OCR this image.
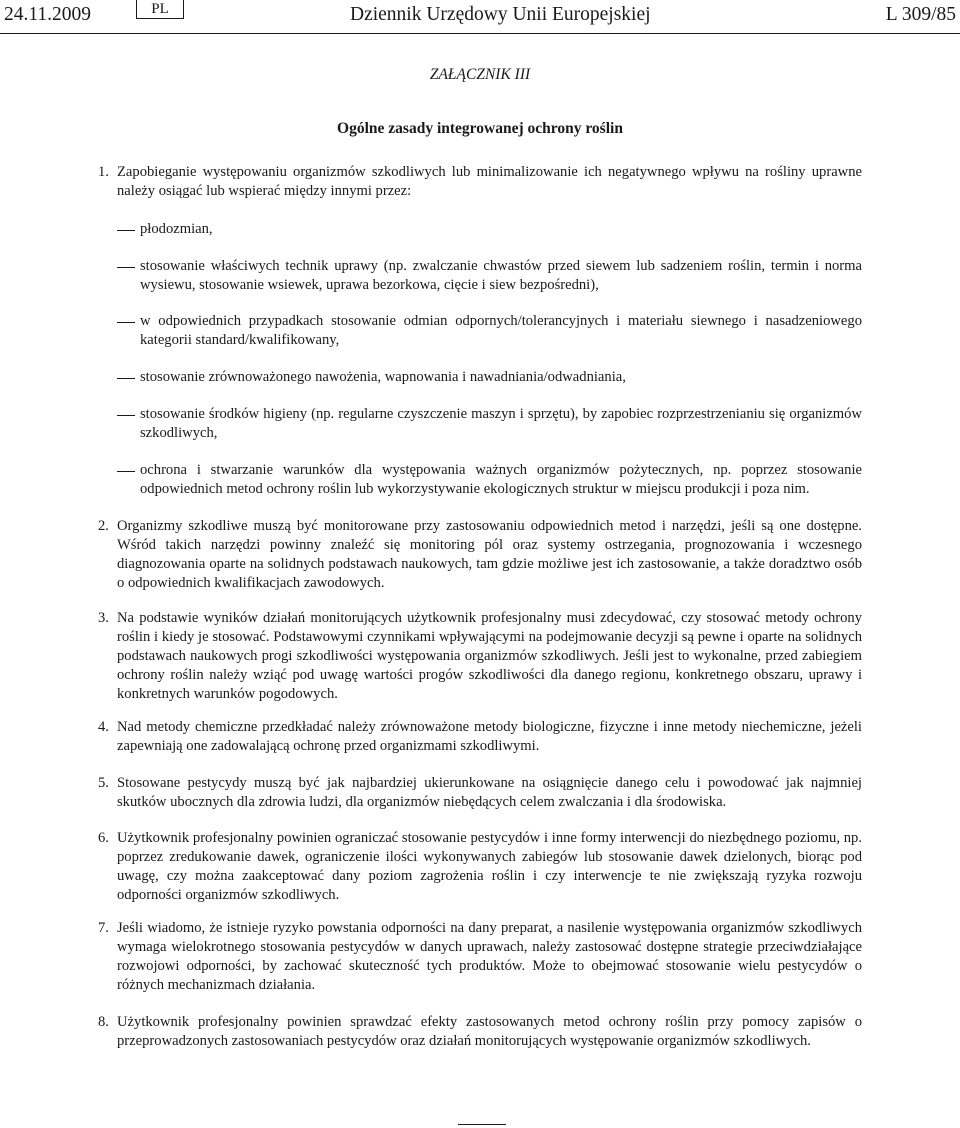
24.11.2009	PL	Dziennik Urzędowy Unii Europejskiej	L 309/85
ZAŁĄCZNIK III
Ogólne zasady integrowanej ochrony roślin
1. Zapobieganie występowaniu organizmów szkodliwych lub minimalizowanie ich negatywnego wpływu na rośliny uprawne należy osiągać lub wspierać między innymi przez:
płodozmian,
stosowanie właściwych technik uprawy (np. zwalczanie chwastów przed siewem lub sadzeniem roślin, termin i norma wysiewu, stosowanie wsiewek, uprawa bezorkowa, cięcie i siew bezpośredni),
w odpowiednich przypadkach stosowanie odmian odpornych/tolerancyjnych i materiału siewnego i nasadzeniowego kategorii standard/kwalifikowany,
stosowanie zrównoważonego nawożenia, wapnowania i nawadniania/odwadniania,
stosowanie środków higieny (np. regularne czyszczenie maszyn i sprzętu), by zapobiec rozprzestrzenianiu się organizmów szkodliwych,
ochrona i stwarzanie warunków dla występowania ważnych organizmów pożytecznych, np. poprzez stosowanie odpowiednich metod ochrony roślin lub wykorzystywanie ekologicznych struktur w miejscu produkcji i poza nim.
2. Organizmy szkodliwe muszą być monitorowane przy zastosowaniu odpowiednich metod i narzędzi, jeśli są one dostępne. Wśród takich narzędzi powinny znaleźć się monitoring pól oraz systemy ostrzegania, prognozowania i wczesnego diagnozowania oparte na solidnych podstawach naukowych, tam gdzie możliwe jest ich zastosowanie, a także doradztwo osób o odpowiednich kwalifikacjach zawodowych.
3. Na podstawie wyników działań monitorujących użytkownik profesjonalny musi zdecydować, czy stosować metody ochrony roślin i kiedy je stosować. Podstawowymi czynnikami wpływającymi na podejmowanie decyzji są pewne i oparte na solidnych podstawach naukowych progi szkodliwości występowania organizmów szkodliwych. Jeśli jest to wykonalne, przed zabiegiem ochrony roślin należy wziąć pod uwagę wartości progów szkodliwości dla danego regionu, konkretnego obszaru, uprawy i konkretnych warunków pogodowych.
4. Nad metody chemiczne przedkładać należy zrównoważone metody biologiczne, fizyczne i inne metody niechemiczne, jeżeli zapewniają one zadowalającą ochronę przed organizmami szkodliwymi.
5. Stosowane pestycydy muszą być jak najbardziej ukierunkowane na osiągnięcie danego celu i powodować jak najmniej skutków ubocznych dla zdrowia ludzi, dla organizmów niebędących celem zwalczania i dla środowiska.
6. Użytkownik profesjonalny powinien ograniczać stosowanie pestycydów i inne formy interwencji do niezbędnego poziomu, np. poprzez zredukowanie dawek, ograniczenie ilości wykonywanych zabiegów lub stosowanie dawek dzielonych, biorąc pod uwagę, czy można zaakceptować dany poziom zagrożenia roślin i czy interwencje te nie zwiększają ryzyka rozwoju odporności organizmów szkodliwych.
7. Jeśli wiadomo, że istnieje ryzyko powstania odporności na dany preparat, a nasilenie występowania organizmów szkodliwych wymaga wielokrotnego stosowania pestycydów w danych uprawach, należy zastosować dostępne strategie przeciwdziałające rozwojowi odporności, by zachować skuteczność tych produktów. Może to obejmować stosowanie wielu pestycydów o różnych mechanizmach działania.
8. Użytkownik profesjonalny powinien sprawdzać efekty zastosowanych metod ochrony roślin przy pomocy zapisów o przeprowadzonych zastosowaniach pestycydów oraz działań monitorujących występowanie organizmów szkodliwych.
